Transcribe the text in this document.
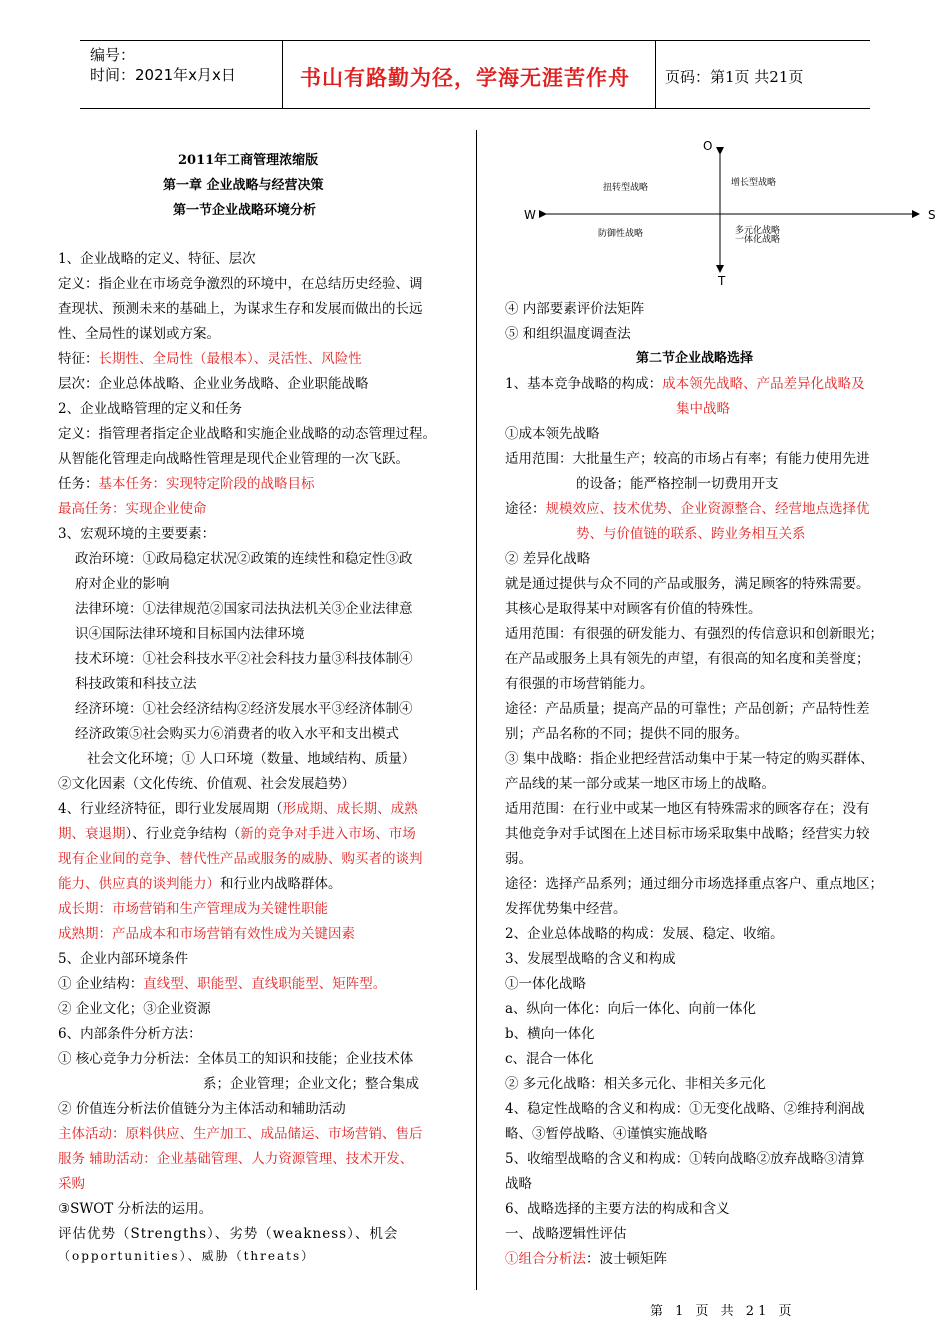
编号：
时间：2021年x月x日	书山有路勤为径，学海无涯苦作舟 页码：第1页 共21页
2011年工商管理浓缩版
第一章 企业战略与经营决策
第一节企业战略环境分析
1、企业战略的定义、特征、层次
定义：指企业在市场竞争激烈的环境中，在总结历史经验、调
查现状、预测未来的基础上，为谋求生存和发展而做出的长远
性、全局性的谋划或方案。
特征：长期性、全局性（最根本）、灵活性、风险性
层次：企业总体战略、企业业务战略、企业职能战略
2、企业战略管理的定义和任务
定义：指管理者指定企业战略和实施企业战略的动态管理过程。
从智能化管理走向战略性管理是现代企业管理的一次飞跃。
任务：基本任务：实现特定阶段的战略目标
最高任务：实现企业使命
3、宏观环境的主要要素：
政治环境：①政局稳定状况②政策的连续性和稳定性③政
府对企业的影响
法律环境：①法律规范②国家司法执法机关③企业法律意
识④国际法律环境和目标国内法律环境
技术环境：①社会科技水平②社会科技力量③科技体制④
科技政策和科技立法
经济环境：①社会经济结构②经济发展水平③经济体制④
经济政策⑤社会购买力⑥消费者的收入水平和支出模式
社会文化环境；① 人口环境（数量、地域结构、质量）
②文化因素（文化传统、价值观、社会发展趋势）
4、行业经济特征，即行业发展周期（形成期、成长期、成熟
期、衰退期）、行业竞争结构（新的竞争对手进入市场、市场
现有企业间的竞争、替代性产品或服务的威胁、购买者的谈判
能力、供应真的谈判能力）和行业内战略群体。
成长期：市场营销和生产管理成为关键性职能
成熟期：产品成本和市场营销有效性成为关键因素
5、企业内部环境条件
① 企业结构：直线型、职能型、直线职能型、矩阵型。
② 企业文化；③企业资源
6、内部条件分析方法：
① 核心竞争力分析法：全体员工的知识和技能；企业技术体
系；企业管理；企业文化；整合集成
② 价值连分析法价值链分为主体活动和辅助活动
主体活动：原料供应、生产加工、成品储运、市场营销、售后
服务 辅助活动：企业基础管理、人力资源管理、技术开发、
采购
③SWOT 分析法的运用。
评估优势（Strengths）、劣势（weakness）、机会
（opportunities）、威胁（threats）
O
T
W	S
扭转型战略	增长型战略
防御性战略	多元化战略
一体化战略
④ 内部要素评价法矩阵
⑤ 和组织温度调查法
第二节企业战略选择
1、基本竞争战略的构成：成本领先战略、产品差异化战略及
集中战略
①成本领先战略
适用范围：大批量生产；较高的市场占有率；有能力使用先进
的设备；能严格控制一切费用开支
途径：规模效应、技术优势、企业资源整合、经营地点选择优
势、与价值链的联系、跨业务相互关系
② 差异化战略
就是通过提供与众不同的产品或服务，满足顾客的特殊需要。
其核心是取得某中对顾客有价值的特殊性。
适用范围：有很强的研发能力、有强烈的传信意识和创新眼光；
在产品或服务上具有领先的声望，有很高的知名度和美誉度；
有很强的市场营销能力。
途径：产品质量；提高产品的可靠性；产品创新；产品特性差
别；产品名称的不同；提供不同的服务。
③ 集中战略：指企业把经营活动集中于某一特定的购买群体、
产品线的某一部分或某一地区市场上的战略。
适用范围：在行业中或某一地区有特殊需求的顾客存在；没有
其他竞争对手试图在上述目标市场采取集中战略；经营实力较
弱。
途径：选择产品系列；通过细分市场选择重点客户、重点地区；
发挥优势集中经营。
2、企业总体战略的构成：发展、稳定、收缩。
3、发展型战略的含义和构成
①一体化战略
a、纵向一体化：向后一体化、向前一体化
b、横向一体化
c、混合一体化
② 多元化战略：相关多元化、非相关多元化
4、稳定性战略的含义和构成：①无变化战略、②维持利润战
略、③暂停战略、④谨慎实施战略
5、收缩型战略的含义和构成：①转向战略②放弃战略③清算
战略
6、战略选择的主要方法的构成和含义
一、战略逻辑性评估
①组合分析法：波士顿矩阵
第 1 页 共 21 页
